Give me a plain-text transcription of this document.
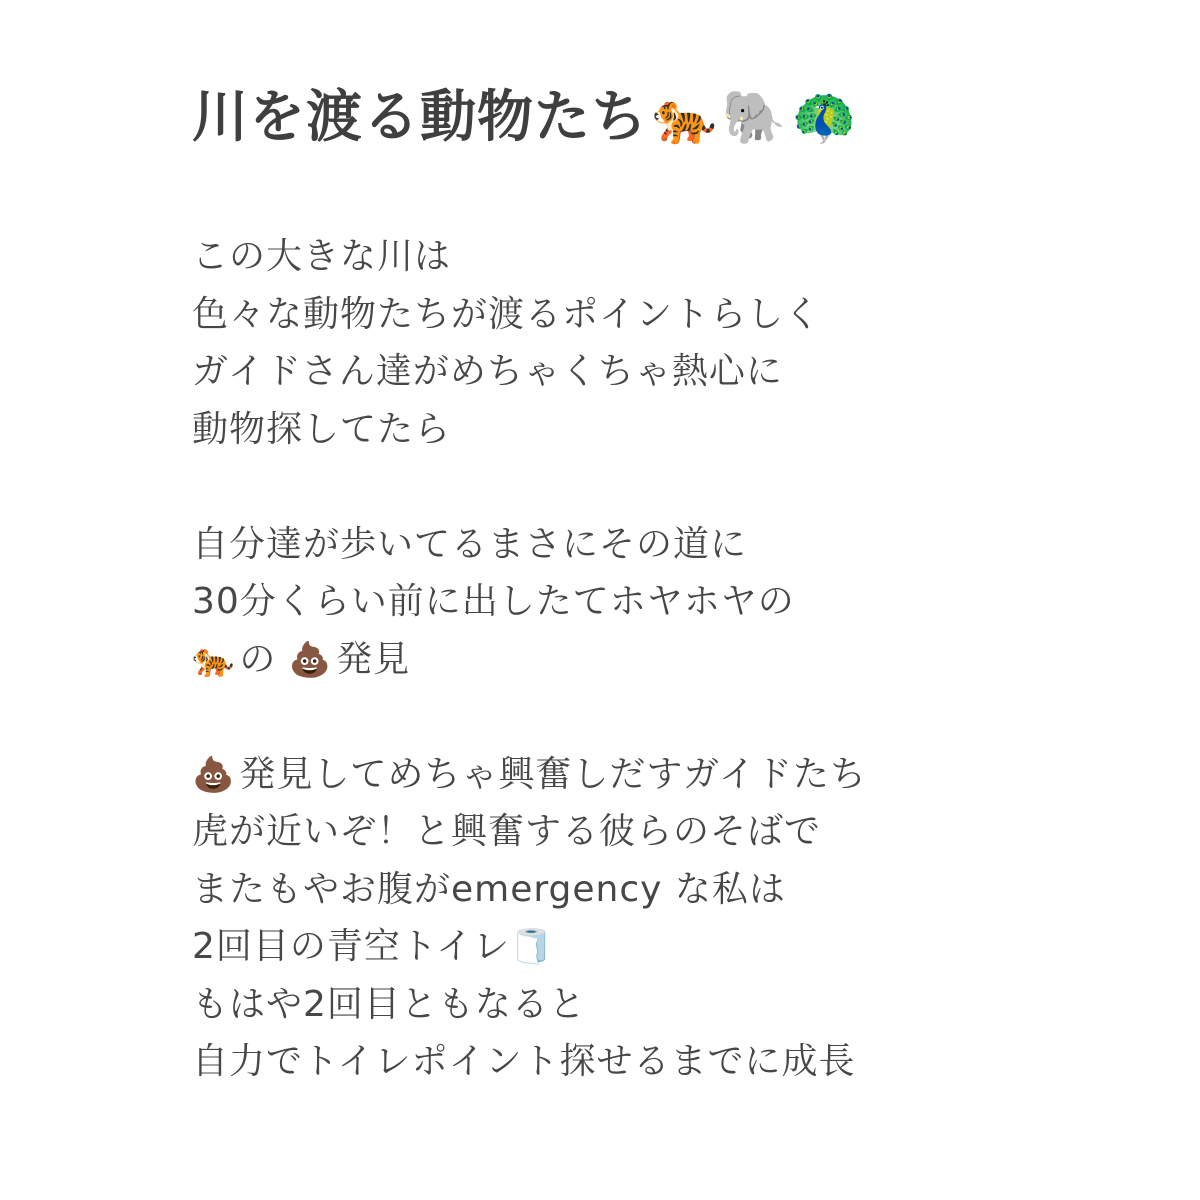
川を渡る動物たち 🐅 🐘 🦚
この大きな川は
色々な動物たちが渡るポイントらしく
ガイドさん達がめちゃくちゃ熱心に
動物探してたら
自分達が歩いてるまさにその道に
30分くらい前に出したてホヤホヤの
🐅 の 💩 発見
💩 発見してめちゃ興奮しだすガイドたち
虎が近いぞ！と興奮する彼らのそばで
またもやお腹がemergency な私は
2回目の青空トイレ🧻
もはや2回目ともなると
自力でトイレポイント探せるまでに成長
